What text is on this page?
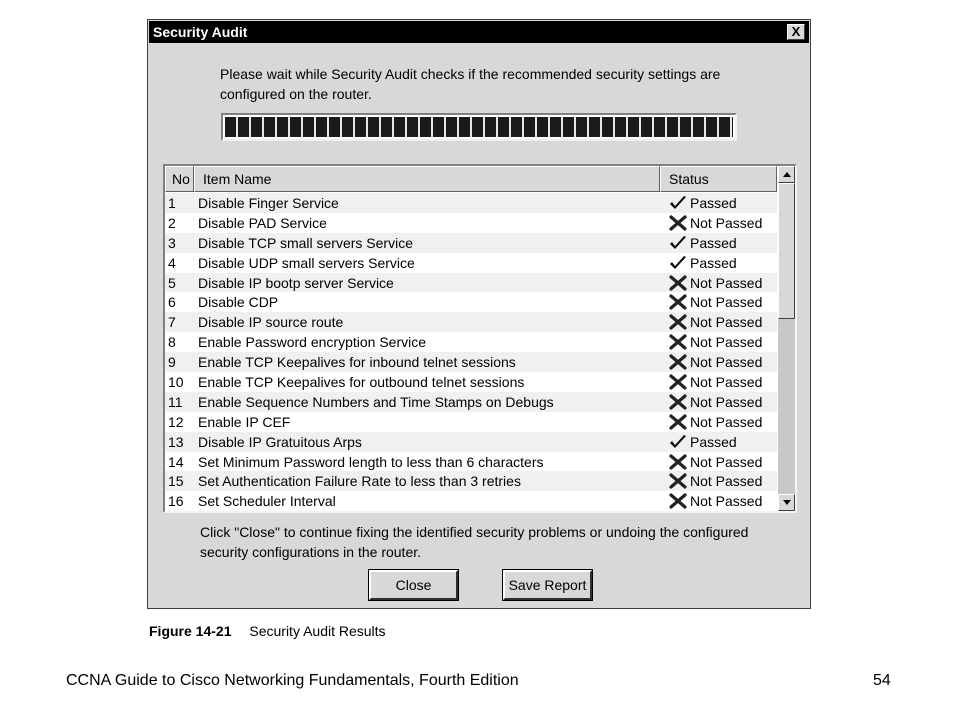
Security Audit	X
Please wait while Security Audit checks if the recommended security settings are configured on the router.
No Item Name	Status
1	Disable Finger Service	Passed
2	Disable PAD Service	Not Passed
3	Disable TCP small servers Service	Passed
4	Disable UDP small servers Service	Passed
5	Disable IP bootp server Service	Not Passed
6	Disable CDP	Not Passed
7	Disable IP source route	Not Passed
8	Enable Password encryption Service	Not Passed
9	Enable TCP Keepalives for inbound telnet sessions	Not Passed
10	Enable TCP Keepalives for outbound telnet sessions	Not Passed
11	Enable Sequence Numbers and Time Stamps on Debugs	Not Passed
12	Enable IP CEF	Not Passed
13	Disable IP Gratuitous Arps	Passed
14	Set Minimum Password length to less than 6 characters	Not Passed
15	Set Authentication Failure Rate to less than 3 retries	Not Passed
16	Set Scheduler Interval	Not Passed
Click "Close" to continue fixing the identified security problems or undoing the configured security configurations in the router.
Close	Save Report
Figure 14-21 Security Audit Results
CCNA Guide to Cisco Networking Fundamentals, Fourth Edition	54
